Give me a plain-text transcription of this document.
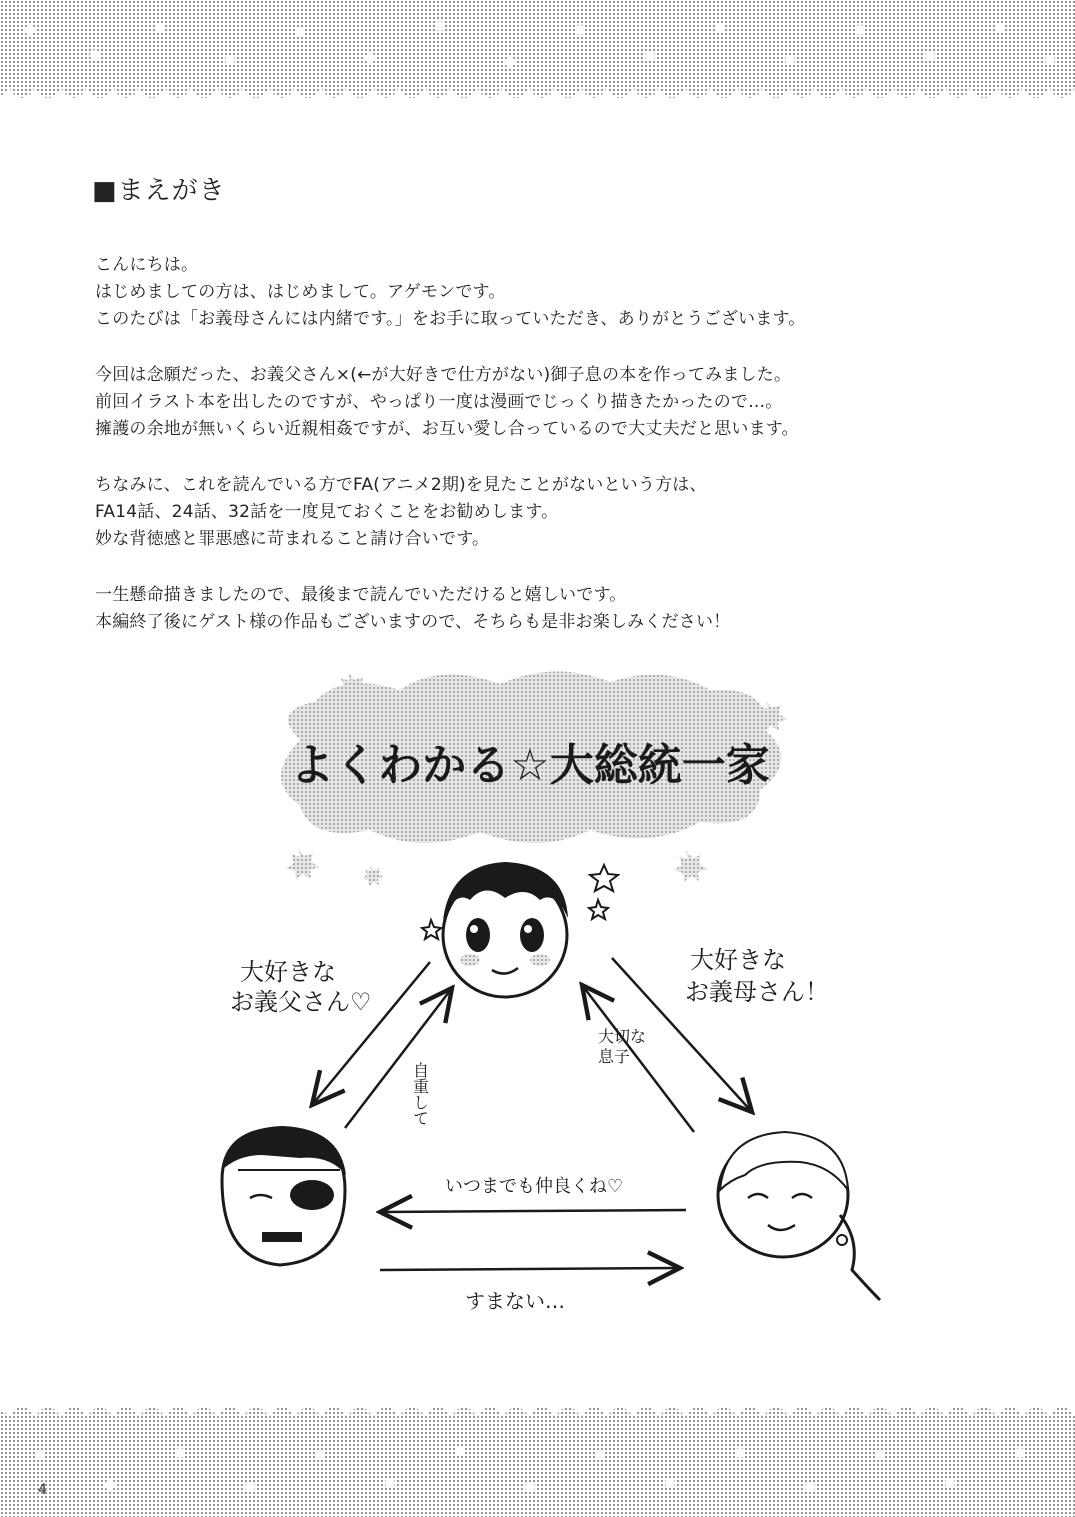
■まえがき
こんにちは。
はじめましての方は、はじめまして。アゲモンです。
このたびは「お義母さんには内緒です。」をお手に取っていただき、ありがとうございます。
今回は念願だった、お義父さん×(←が大好きで仕方がない)御子息の本を作ってみました。
前回イラスト本を出したのですが、やっぱり一度は漫画でじっくり描きたかったので…。
擁護の余地が無いくらい近親相姦ですが、お互い愛し合っているので大丈夫だと思います。
ちなみに、これを読んでいる方でFA(アニメ2期)を見たことがないという方は、
FA14話、24話、32話を一度見ておくことをお勧めします。
妙な背徳感と罪悪感に苛まれること請け合いです。
一生懸命描きましたので、最後まで読んでいただけると嬉しいです。
本編終了後にゲスト様の作品もございますので、そちらも是非お楽しみください！
よくわかる☆大総統一家
大好きな お義父さん♡
大好きな お義母さん！
自重して
大切な 息子
いつまでも仲良くね♡
すまない…
4
